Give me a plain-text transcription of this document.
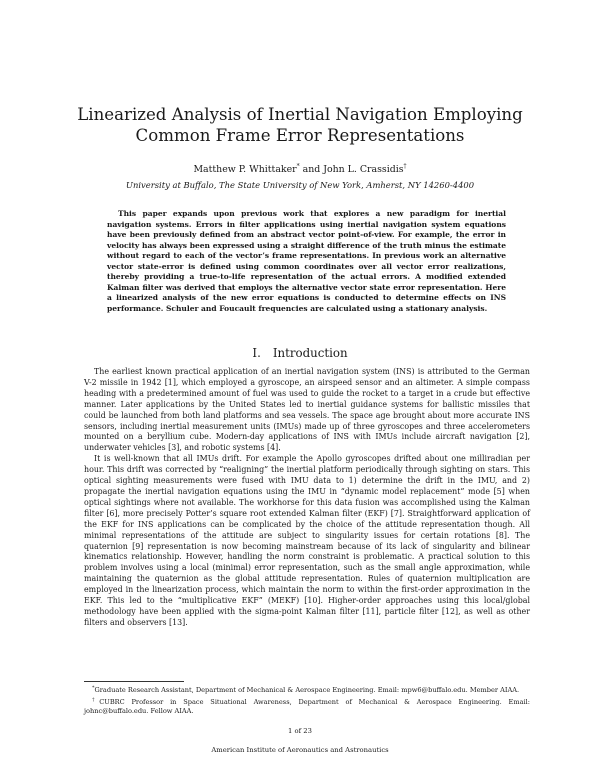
Linearized Analysis of Inertial Navigation Employing
Common Frame Error Representations
Matthew P. Whittaker* and John L. Crassidis†
University at Buffalo, The State University of New York, Amherst, NY 14260-4400
This paper expands upon previous work that explores a new paradigm for inertial navigation systems. Errors in filter applications using inertial navigation system equations have been previously defined from an abstract vector point-of-view. For example, the error in velocity has always been expressed using a straight difference of the truth minus the estimate without regard to each of the vector’s frame representations. In previous work an alternative vector state-error is defined using common coordinates over all vector error realizations, thereby providing a true-to-life representation of the actual errors. A modified extended Kalman filter was derived that employs the alternative vector state error representation. Here a linearized analysis of the new error equations is conducted to determine effects on INS performance. Schuler and Foucault frequencies are calculated using a stationary analysis.
I. Introduction

The earliest known practical application of an inertial navigation system (INS) is attributed to the German V-2 missile in 1942 [1], which employed a gyroscope, an airspeed sensor and an altimeter. A simple compass heading with a predetermined amount of fuel was used to guide the rocket to a target in a crude but effective manner. Later applications by the United States led to inertial guidance systems for ballistic missiles that could be launched from both land platforms and sea vessels. The space age brought about more accurate INS sensors, including inertial measurement units (IMUs) made up of three gyroscopes and three accelerometers mounted on a beryllium cube. Modern-day applications of INS with IMUs include aircraft navigation [2], underwater vehicles [3], and robotic systems [4].

It is well-known that all IMUs drift. For example the Apollo gyroscopes drifted about one milliradian per hour. This drift was corrected by “realigning” the inertial platform periodically through sighting on stars. This optical sighting measurements were fused with IMU data to 1) determine the drift in the IMU, and 2) propagate the inertial navigation equations using the IMU in “dynamic model replacement” mode [5] when optical sightings where not available. The workhorse for this data fusion was accomplished using the Kalman filter [6], more precisely Potter’s square root extended Kalman filter (EKF) [7]. Straightforward application of the EKF for INS applications can be complicated by the choice of the attitude representation though. All minimal representations of the attitude are subject to singularity issues for certain rotations [8]. The quaternion [9] representation is now becoming mainstream because of its lack of singularity and bilinear kinematics relationship. However, handling the norm constraint is problematic. A practical solution to this problem involves using a local (minimal) error representation, such as the small angle approximation, while maintaining the quaternion as the global attitude representation. Rules of quaternion multiplication are employed in the linearization process, which maintain the norm to within the first-order approximation in the EKF. This led to the “multiplicative EKF” (MEKF) [10]. Higher-order approaches using this local/global methodology have been applied with the sigma-point Kalman filter [11], particle filter [12], as well as other filters and observers [13].

*Graduate Research Assistant, Department of Mechanical & Aerospace Engineering. Email: mpw6@buffalo.edu. Member AIAA.

†CUBRC Professor in Space Situational Awareness, Department of Mechanical & Aerospace Engineering. Email: johnc@buffalo.edu. Fellow AIAA.

1 of 23
American Institute of Aeronautics and Astronautics
